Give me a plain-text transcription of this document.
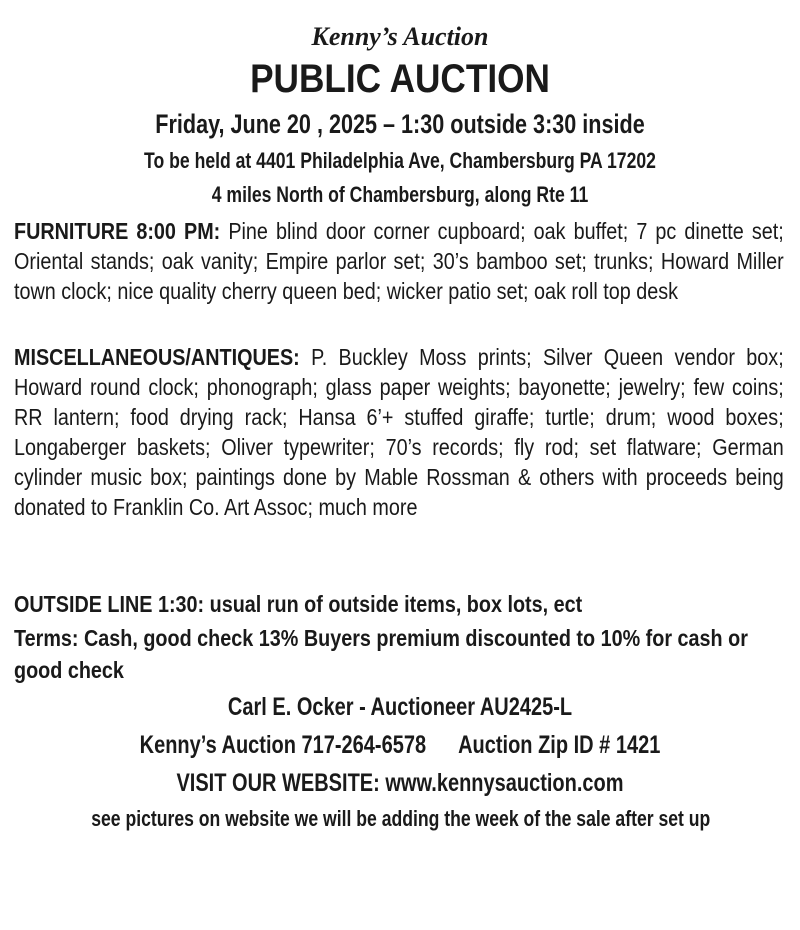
Kenny’s Auction

PUBLIC AUCTION

Friday, June 20 , 2025 – 1:30 outside 3:30 inside
To be held at 4401 Philadelphia Ave, Chambersburg PA 17202
4 miles North of Chambersburg, along Rte 11
FURNITURE 8:00 PM: Pine blind door corner cupboard; oak buffet; 7 pc dinette set; Oriental stands; oak vanity; Empire parlor set; 30’s bamboo set; trunks; Howard Miller town clock; nice quality cherry queen bed; wicker patio set; oak roll top desk
MISCELLANEOUS/ANTIQUES: P. Buckley Moss prints; Silver Queen vendor box; Howard round clock; phonograph; glass paper weights; bayonette; jewelry; few coins; RR lantern; food drying rack; Hansa 6’+ stuffed giraffe; turtle; drum; wood boxes; Longaberger baskets; Oliver typewriter; 70’s records; fly rod; set flatware; German cylinder music box; paintings done by Mable Rossman & others with proceeds being donated to Franklin Co. Art Assoc; much more

OUTSIDE LINE 1:30: usual run of outside items, box lots, ect

Terms: Cash, good check 13% Buyers premium discounted to 10% for cash or good check

Carl E. Ocker - Auctioneer AU2425-L
Kenny’s Auction 717-264-6578 Auction Zip ID # 1421
VISIT OUR WEBSITE: www.kennysauction.com
see pictures on website we will be adding the week of the sale after set up
